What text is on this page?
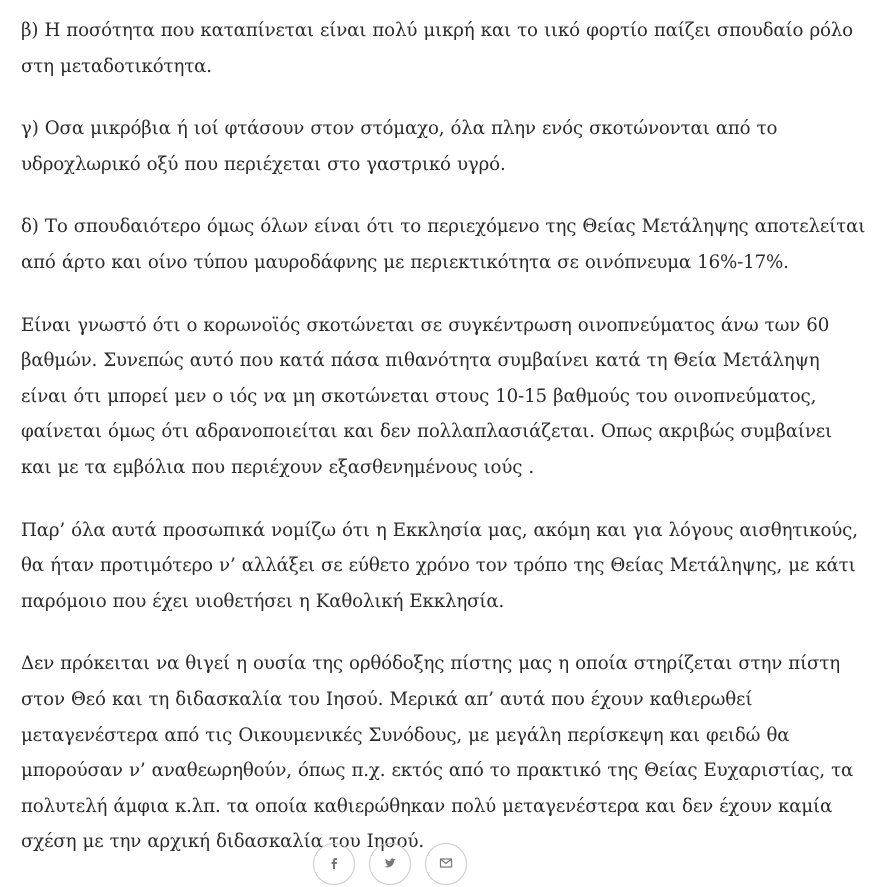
β) Η ποσότητα που καταπίνεται είναι πολύ μικρή και το ιικό φορτίο παίζει σπουδαίο ρόλο στη μεταδοτικότητα.

γ) Οσα μικρόβια ή ιοί φτάσουν στον στόμαχο, όλα πλην ενός σκοτώνονται από το υδροχλωρικό οξύ που περιέχεται στο γαστρικό υγρό.

δ) Το σπουδαιότερο όμως όλων είναι ότι το περιεχόμενο της Θείας Μετάληψης αποτελείται από άρτο και οίνο τύπου μαυροδάφνης με περιεκτικότητα σε οινόπνευμα 16%-17%.

Είναι γνωστό ότι ο κορωνοϊός σκοτώνεται σε συγκέντρωση οινοπνεύματος άνω των 60 βαθμών. Συνεπώς αυτό που κατά πάσα πιθανότητα συμβαίνει κατά τη Θεία Μετάληψη είναι ότι μπορεί μεν ο ιός να μη σκοτώνεται στους 10-15 βαθμούς του οινοπνεύματος, φαίνεται όμως ότι αδρανοποιείται και δεν πολλαπλασιάζεται. Οπως ακριβώς συμβαίνει και με τα εμβόλια που περιέχουν εξασθενημένους ιούς .

Παρ’ όλα αυτά προσωπικά νομίζω ότι η Εκκλησία μας, ακόμη και για λόγους αισθητικούς, θα ήταν προτιμότερο ν’ αλλάξει σε εύθετο χρόνο τον τρόπο της Θείας Μετάληψης, με κάτι παρόμοιο που έχει υιοθετήσει η Καθολική Εκκλησία.

Δεν πρόκειται να θιγεί η ουσία της ορθόδοξης πίστης μας η οποία στηρίζεται στην πίστη στον Θεό και τη διδασκαλία του Ιησού. Μερικά απ’ αυτά που έχουν καθιερωθεί μεταγενέστερα από τις Οικουμενικές Συνόδους, με μεγάλη περίσκεψη και φειδώ θα μπορούσαν ν’ αναθεωρηθούν, όπως π.χ. εκτός από το πρακτικό της Θείας Ευχαριστίας, τα πολυτελή άμφια κ.λπ. τα οποία καθιερώθηκαν πολύ μεταγενέστερα και δεν έχουν καμία σχέση με την αρχική διδασκαλία του Ιησού.
